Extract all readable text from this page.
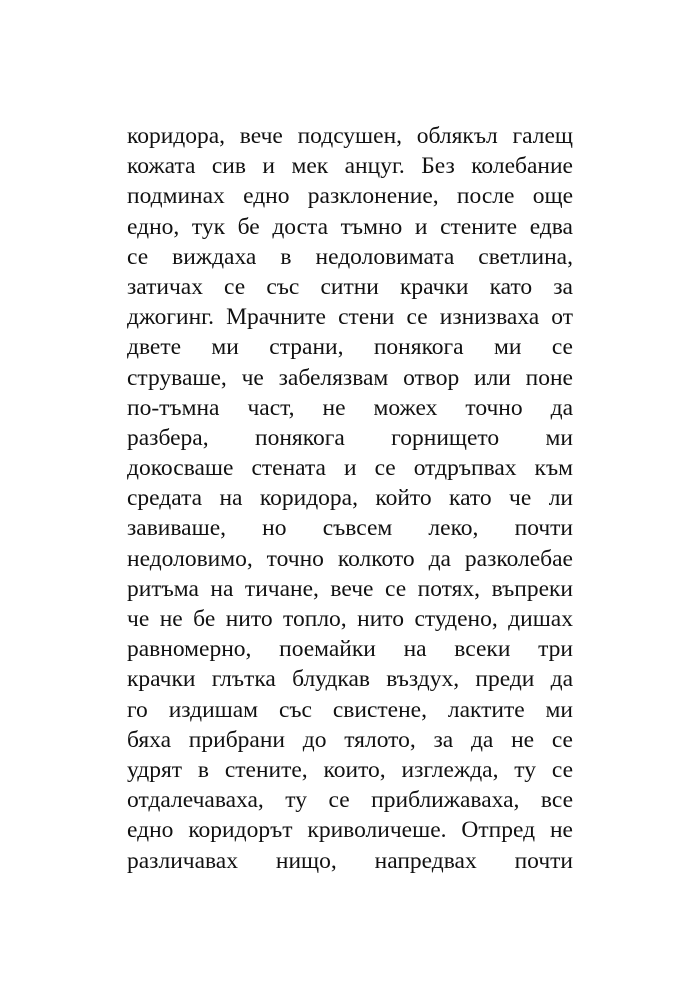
коридора, вече подсушен, облякъл галещ
кожата сив и мек анцуг. Без колебание
подминах едно разклонение, после още
едно, тук бе доста тъмно и стените едва
се виждаха в недоловимата светлина,
затичах се със ситни крачки като за
джогинг. Мрачните стени се изнизваха от
двете ми страни, понякога ми се
струваше, че забелязвам отвор или поне
по-тъмна част, не можех точно да
разбера, понякога горнището ми
докосваше стената и се отдръпвах към
средата на коридора, който като че ли
завиваше, но съвсем леко, почти
недоловимо, точно колкото да разколебае
ритъма на тичане, вече се потях, въпреки
че не бе нито топло, нито студено, дишах
равномерно, поемайки на всеки три
крачки глътка блудкав въздух, преди да
го издишам със свистене, лактите ми
бяха прибрани до тялото, за да не се
удрят в стените, които, изглежда, ту се
отдалечаваха, ту се приближаваха, все
едно коридорът криволичеше. Отпред не
различавах нищо, напредвах почти
